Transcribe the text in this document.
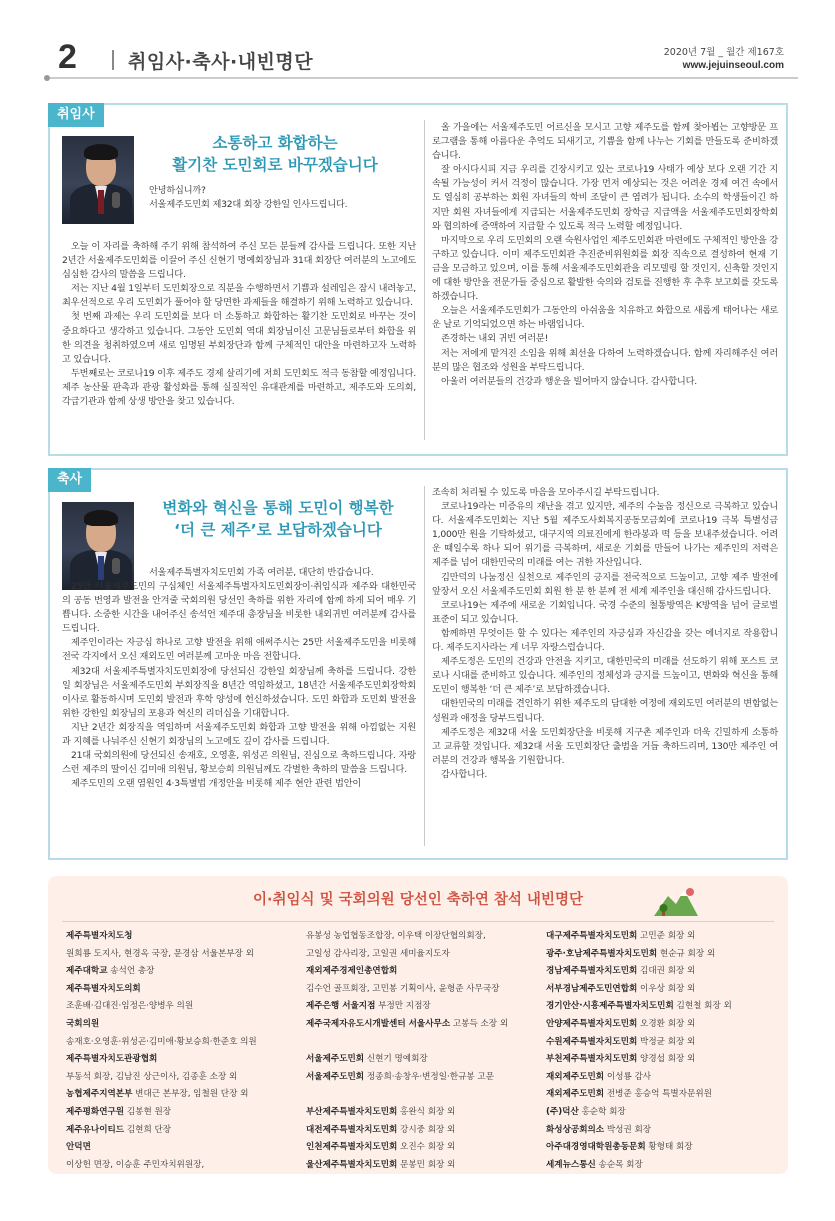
2	취임사·축사·내빈명단	2020년 7월 _ 월간 제167호
www.jejuinseoul.com
취임사
소통하고 화합하는
활기찬 도민회로 바꾸겠습니다

안녕하십니까?

서울제주도민회 제32대 회장 강한일 인사드립니다.

오늘 이 자리를 축하해 주기 위해 참석하여 주신 모든 분들께 감사를 드립니다. 또한 지난 2년간 서울제주도민회를 이끌어 주신 신현기 명예회장님과 31대 회장단 여러분의 노고에도 심심한 감사의 말씀을 드립니다.

저는 지난 4월 1일부터 도민회장으로 직분을 수행하면서 기쁨과 설레임은 잠시 내려놓고, 최우선적으로 우리 도민회가 풀어야 할 당면한 과제들을 해결하기 위해 노력하고 있습니다.

첫 번째 과제는 우리 도민회를 보다 더 소통하고 화합하는 활기찬 도민회로 바꾸는 것이 중요하다고 생각하고 있습니다. 그동안 도민회 역대 회장님이신 고문님들로부터 화합을 위한 의견을 청취하였으며 새로 임명된 부회장단과 함께 구체적인 대안을 마련하고자 노력하고 있습니다.

두번째로는 코로나19 이후 제주도 경제 살리기에 저희 도민회도 적극 동참할 예정입니다. 제주 농산물 판촉과 관광 활성화를 통해 실질적인 유대관계를 마련하고, 제주도와 도의회, 각급기관과 함께 상생 방안을 찾고 있습니다.

올 가을에는 서울제주도민 어르신을 모시고 고향 제주도를 함께 찾아뵙는 고향방문 프로그램을 통해 아름다운 추억도 되새기고, 기쁨을 함께 나누는 기회를 만들도록 준비하겠습니다.

잘 아시다시피 지금 우리를 긴장시키고 있는 코로나19 사태가 예상 보다 오랜 기간 지속될 가능성이 커서 걱정이 많습니다. 가장 먼저 예상되는 것은 어려운 경제 여건 속에서도 열심히 공부하는 회원 자녀들의 학비 조달이 큰 염려가 됩니다. 소수의 학생들이긴 하지만 회원 자녀들에게 지급되는 서울제주도민회 장학금 지급액을 서울제주도민회장학회와 협의하에 증액하여 지급할 수 있도록 적극 노력할 예정입니다.

마지막으로 우리 도민회의 오랜 숙원사업인 제주도민회관 마련에도 구체적인 방안을 강구하고 있습니다. 이미 제주도민회관 추진준비위원회를 회장 직속으로 결성하여 현재 기금을 모금하고 있으며, 이를 통해 서울제주도민회관을 리모델링 할 것인지, 신축할 것인지에 대한 방안을 전문가들 중심으로 활발한 숙의와 검토를 진행한 후 추후 보고회를 갖도록 하겠습니다.

오늘은 서울제주도민회가 그동안의 아쉬움을 치유하고 화합으로 새롭게 태어나는 새로운 날로 기억되었으면 하는 바램입니다.

존경하는 내외 귀빈 여러분!

저는 저에게 맡겨진 소임을 위해 최선을 다하여 노력하겠습니다. 함께 자리해주신 여러분의 많은 협조와 성원을 부탁드립니다.

아울러 여러분들의 건강과 행운을 빌어마지 않습니다. 감사합니다.

축사
변화와 혁신을 통해 도민이 행복한
‘더 큰 제주’로 보답하겠습니다

서울제주특별자치도민회 가족 여러분, 대단히 반갑습니다.

25만 서울제주도민의 구심체인 서울제주특별자치도민회장이·취임식과 제주와 대한민국의 공동 번영과 발전을 안겨줄 국회의원 당선인 축하를 위한 자리에 함께 하게 되어 매우 기쁩니다. 소중한 시간을 내어주신 송석언 제주대 총장님을 비롯한 내외귀빈 여러분께 감사를 드립니다.

제주인이라는 자긍심 하나로 고향 발전을 위해 애써주시는 25만 서울제주도민을 비롯해 전국 각지에서 오신 재외도민 여러분께 고마운 마음 전합니다.

제32대 서울제주특별자치도민회장에 당선되신 강한일 회장님께 축하를 드립니다. 강한일 회장님은 서울제주도민회 부회장직을 8년간 역임하셨고, 18년간 서울제주도민회장학회 이사로 활동하시며 도민회 발전과 후학 양성에 헌신하셨습니다. 도민 화합과 도민회 발전을 위한 강한일 회장님의 포용과 혁신의 리더십을 기대합니다.

지난 2년간 회장직을 역임하며 서울제주도민회 화합과 고향 발전을 위해 아낌없는 지원과 지혜를 나눠주신 신현기 회장님의 노고에도 깊이 감사를 드립니다.

21대 국회의원에 당선되신 송재호, 오영훈, 위성곤 의원님, 진심으로 축하드립니다. 자랑스런 제주의 딸이신 김미애 의원님, 황보승희 의원님께도 각별한 축하의 말씀을 드립니다.

제주도민의 오랜 염원인 4·3특별법 개정안을 비롯해 제주 현안 관련 법안이

조속히 처리될 수 있도록 마음을 모아주시길 부탁드립니다.

코로나19라는 미증유의 재난을 겪고 있지만, 제주의 수눌음 정신으로 극복하고 있습니다. 서울제주도민회는 지난 5월 제주도사회복지공동모금회에 코로나19 극복 특별성금 1,000만 원을 기탁하셨고, 대구지역 의료진에게 한라봉과 떡 등을 보내주셨습니다. 어려운 때일수록 하나 되어 위기를 극복하며, 새로운 기회를 만들어 나가는 제주인의 저력은 제주를 넘어 대한민국의 미래를 여는 귀한 자산입니다.

김만덕의 나눔정신 실천으로 제주인의 긍지를 전국적으로 드높이고, 고향 제주 발전에 앞장서 오신 서울제주도민회 회원 한 분 한 분께 전 세계 제주인을 대신해 감사드립니다.

코로나19는 제주에 새로운 기회입니다. 국경 수준의 철통방역은 K방역을 넘어 글로벌 표준이 되고 있습니다.

함께하면 무엇이든 할 수 있다는 제주인의 자긍심과 자신감을 갖는 에너지로 작용합니다. 제주도지사라는 게 너무 자랑스럽습니다.

제주도정은 도민의 건강과 안전을 지키고, 대한민국의 미래를 선도하기 위해 포스트 코로나 시대를 준비하고 있습니다. 제주인의 정체성과 긍지를 드높이고, 변화와 혁신을 통해 도민이 행복한 ‘더 큰 제주’로 보답하겠습니다.

대한민국의 미래를 견인하기 위한 제주도의 담대한 여정에 재외도민 여러분의 변함없는 성원과 애정을 당부드립니다.

제주도정은 제32대 서울 도민회장단을 비롯해 지구촌 제주인과 더욱 긴밀하게 소통하고 교류할 것입니다. 제32대 서울 도민회장단 출범을 거듭 축하드리며, 130만 제주인 여러분의 건강과 행복을 기원합니다.

감사합니다.

이·취임식 및 국회의원 당선인 축하연 참석 내빈명단
제주특별자치도청
원희룡 도지사, 현경옥 국장, 문경삼 서울본부장 외
제주대학교 송석언 총장
제주특별자치도의회
조훈배·김대진·임정은·양병우 의원
국회의원
송재호·오영훈·위성곤·김미애·황보승희·한준호 의원
제주특별자치도관광협회
부동석 회장, 김남진 상근이사, 김종훈 소장 외
농협제주지역본부 변대근 본부장, 임철원 단장 외
제주평화연구원 김봉현 원장
제주유나이티드 김현희 단장
안덕면
이상헌 면장, 이승훈 주민자치위원장,
유봉성 농업협동조합장, 이우택 이장단협의회장,
고일성 감사리장, 고일권 세미율지도자
재외제주경제인총연합회
김수언 골프회장, 고민봉 기획이사, 윤형준 사무국장
제주은행 서울지점 부정만 지점장
제주국제자유도시개발센터 서울사무소 고봉득 소장 외
서울제주도민회 신현기 명예회장
서울제주도민회 정종희·송창우·변정일·한규봉 고문
부산제주특별자치도민회 홍완식 회장 외
대전제주특별자치도민회 강시중 회장 외
인천제주특별자치도민회 오진수 회장 외
울산제주특별자치도민회 문봉민 회장 외
대구제주특별자치도민회 고민준 회장 외
광주·호남제주특별자치도민회 현순규 회장 외
경남제주특별자치도민회 김대권 회장 외
서부경남제주도민연합회 이우상 회장 외
경기안산·시흥제주특별자치도민회 김현철 회장 외
안양제주특별자치도민회 오경환 회장 외
수원제주특별자치도민회 박정균 회장 외
부천제주특별자치도민회 양경섭 회장 외
재외제주도민회 이성룡 감사
재외제주도민회 전병준 홍승억 특별자문위원
(주)덕산 홍순학 회장
화성상공회의소 박성권 회장
아주대경영대학원총동문회 황형태 회장
세계뉴스통신 송순목 회장
